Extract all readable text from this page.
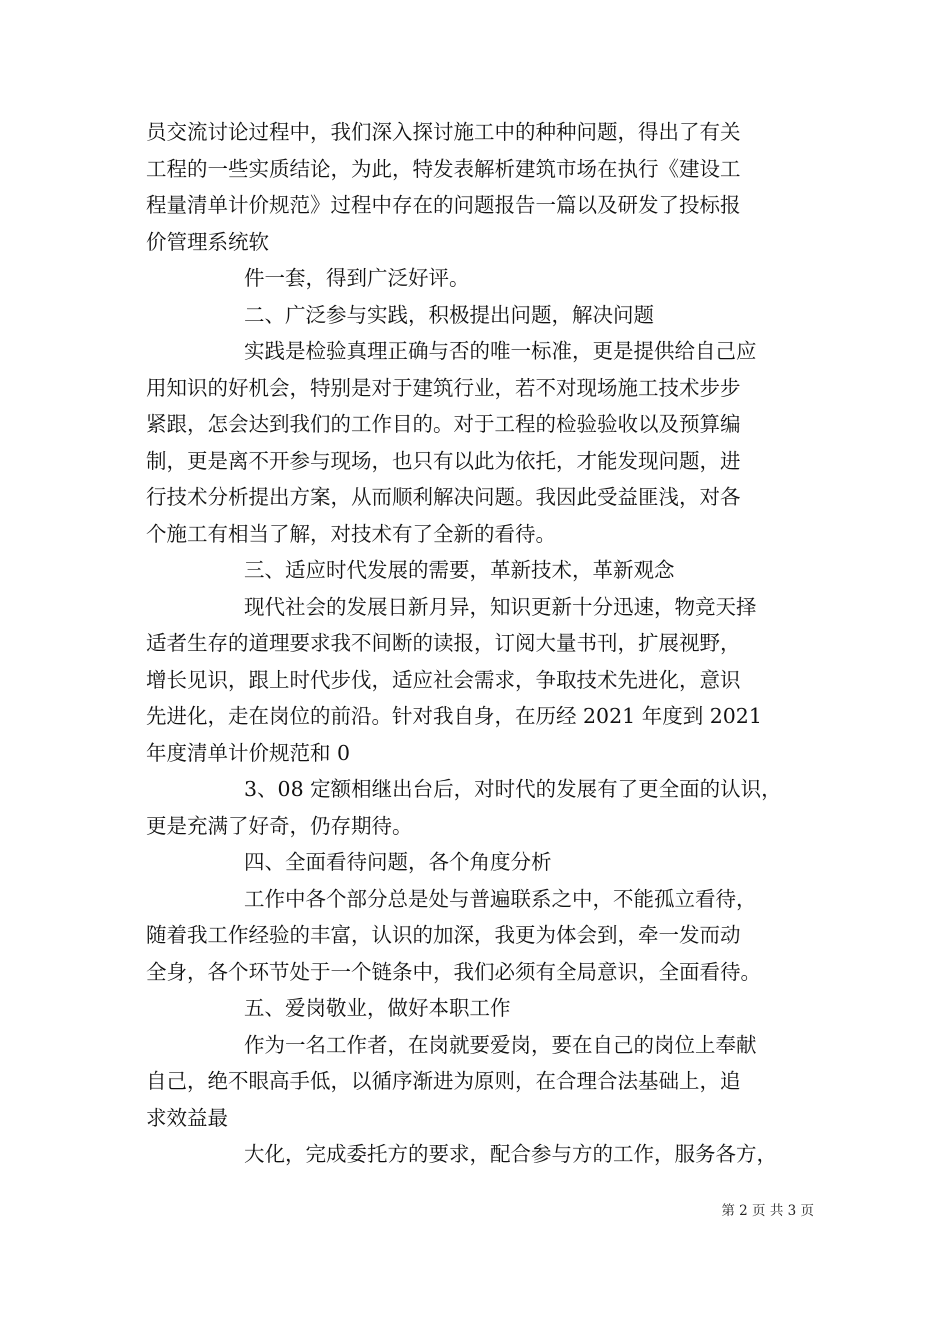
员交流讨论过程中，我们深入探讨施工中的种种问题，得出了有关

工程的一些实质结论，为此，特发表解析建筑市场在执行《建设工

程量清单计价规范》过程中存在的问题报告一篇以及研发了投标报

价管理系统软

件一套，得到广泛好评。

二、广泛参与实践，积极提出问题，解决问题

实践是检验真理正确与否的唯一标准，更是提供给自己应

用知识的好机会，特别是对于建筑行业，若不对现场施工技术步步

紧跟，怎会达到我们的工作目的。对于工程的检验验收以及预算编

制，更是离不开参与现场，也只有以此为依托，才能发现问题，进

行技术分析提出方案，从而顺利解决问题。我因此受益匪浅，对各

个施工有相当了解，对技术有了全新的看待。

三、适应时代发展的需要，革新技术，革新观念

现代社会的发展日新月异，知识更新十分迅速，物竞天择

适者生存的道理要求我不间断的读报，订阅大量书刊，扩展视野，

增长见识，跟上时代步伐，适应社会需求，争取技术先进化，意识

先进化，走在岗位的前沿。针对我自身，在历经 2021 年度到 2021

年度清单计价规范和 0

3、08 定额相继出台后，对时代的发展有了更全面的认识，

更是充满了好奇，仍存期待。

四、全面看待问题，各个角度分析

工作中各个部分总是处与普遍联系之中，不能孤立看待，

随着我工作经验的丰富，认识的加深，我更为体会到，牵一发而动

全身，各个环节处于一个链条中，我们必须有全局意识，全面看待。

五、爱岗敬业，做好本职工作

作为一名工作者，在岗就要爱岗，要在自己的岗位上奉献

自己，绝不眼高手低，以循序渐进为原则，在合理合法基础上，追

求效益最

大化，完成委托方的要求，配合参与方的工作，服务各方，

第 2 页 共 3 页
